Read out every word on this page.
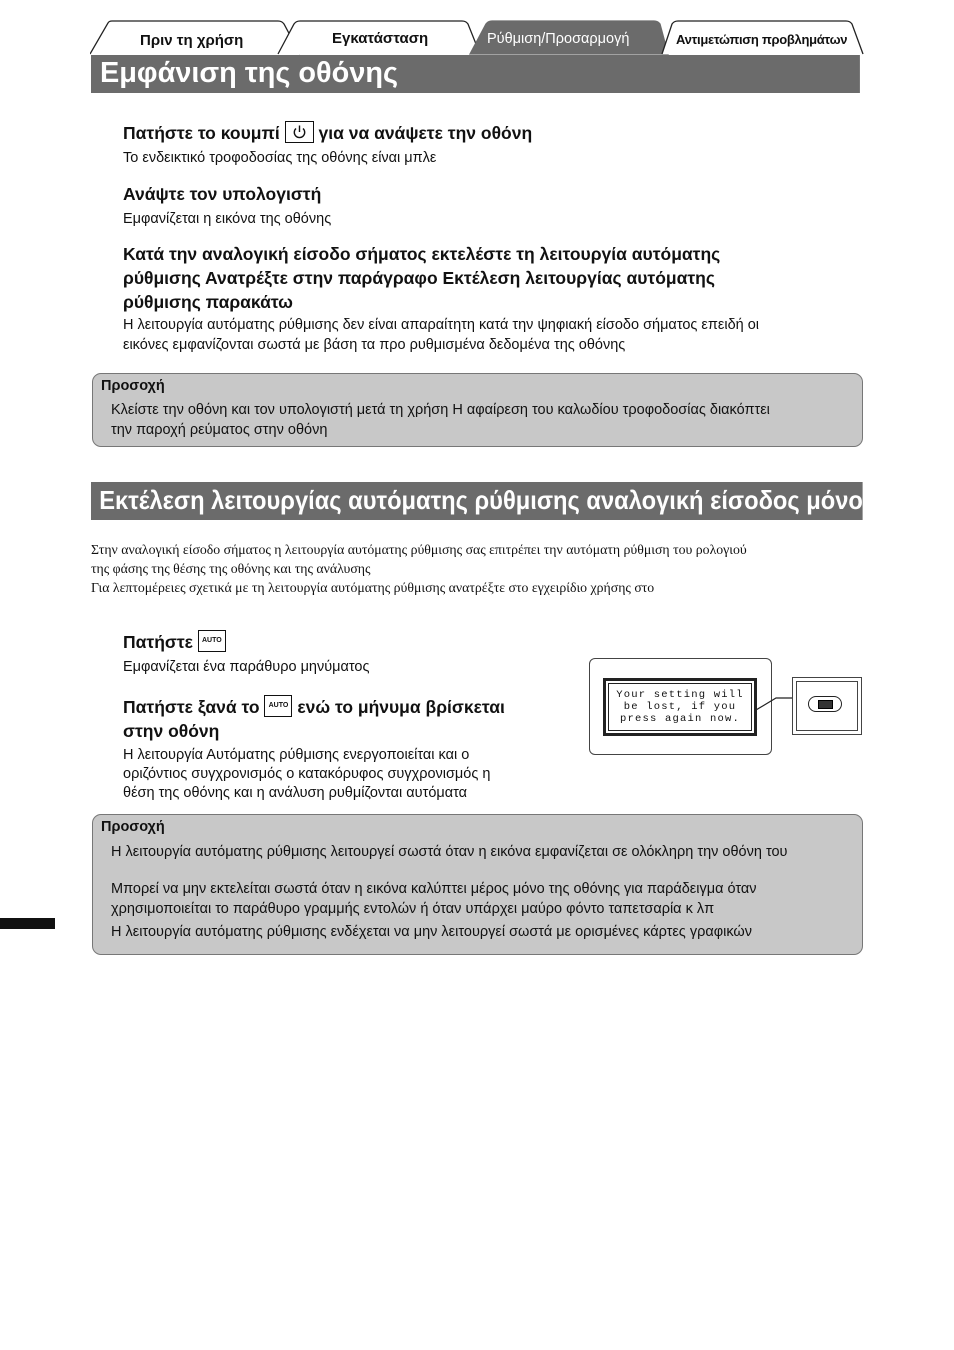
Πριν τη χρήση	Εγκατάσταση	Ρύθμιση/Προσαρμογή	Αντιμετώπιση προβλημάτων
Εμφάνιση της οθόνης
Πατήστε το κουμπί για να ανάψετε την οθόνη
Το ενδεικτικό τροφοδοσίας της οθόνης είναι μπλε
Ανάψτε τον υπολογιστή
Εμφανίζεται η εικόνα της οθόνης
Κατά την αναλογική είσοδο σήματος εκτελέστε τη λειτουργία αυτόματης
ρύθμισης Ανατρέξτε στην παράγραφο Εκτέλεση λειτουργίας αυτόματης
ρύθμισης παρακάτω
Η λειτουργία αυτόματης ρύθμισης δεν είναι απαραίτητη κατά την ψηφιακή είσοδο σήματος επειδή οι
εικόνες εμφανίζονται σωστά με βάση τα προ ρυθμισμένα δεδομένα της οθόνης
Προσοχή
Κλείστε την οθόνη και τον υπολογιστή μετά τη χρήση Η αφαίρεση του καλωδίου τροφοδοσίας διακόπτει
την παροχή ρεύματος στην οθόνη
Εκτέλεση λειτουργίας αυτόματης ρύθμισης αναλογική είσοδος μόνο
Στην αναλογική είσοδο σήματος η λειτουργία αυτόματης ρύθμισης σας επιτρέπει την αυτόματη ρύθμιση του ρολογιού
της φάσης της θέσης της οθόνης και της ανάλυσης
Για λεπτομέρειες σχετικά με τη λειτουργία αυτόματης ρύθμισης ανατρέξτε στο εγχειρίδιο χρήσης στο
Πατήστε AUTO
Εμφανίζεται ένα παράθυρο μηνύματος
Πατήστε ξανά το AUTO ενώ το μήνυμα βρίσκεται
στην οθόνη
Η λειτουργία Αυτόματης ρύθμισης ενεργοποιείται και ο
οριζόντιος συγχρονισμός ο κατακόρυφος συγχρονισμός η
θέση της οθόνης και η ανάλυση ρυθμίζονται αυτόματα
Your setting will
be lost, if you
press again now.
Προσοχή
Η λειτουργία αυτόματης ρύθμισης λειτουργεί σωστά όταν η εικόνα εμφανίζεται σε ολόκληρη την οθόνη του
Μπορεί να μην εκτελείται σωστά όταν η εικόνα καλύπτει μέρος μόνο της οθόνης για παράδειγμα όταν
χρησιμοποιείται το παράθυρο γραμμής εντολών ή όταν υπάρχει μαύρο φόντο ταπετσαρία κ λπ
Η λειτουργία αυτόματης ρύθμισης ενδέχεται να μην λειτουργεί σωστά με ορισμένες κάρτες γραφικών
